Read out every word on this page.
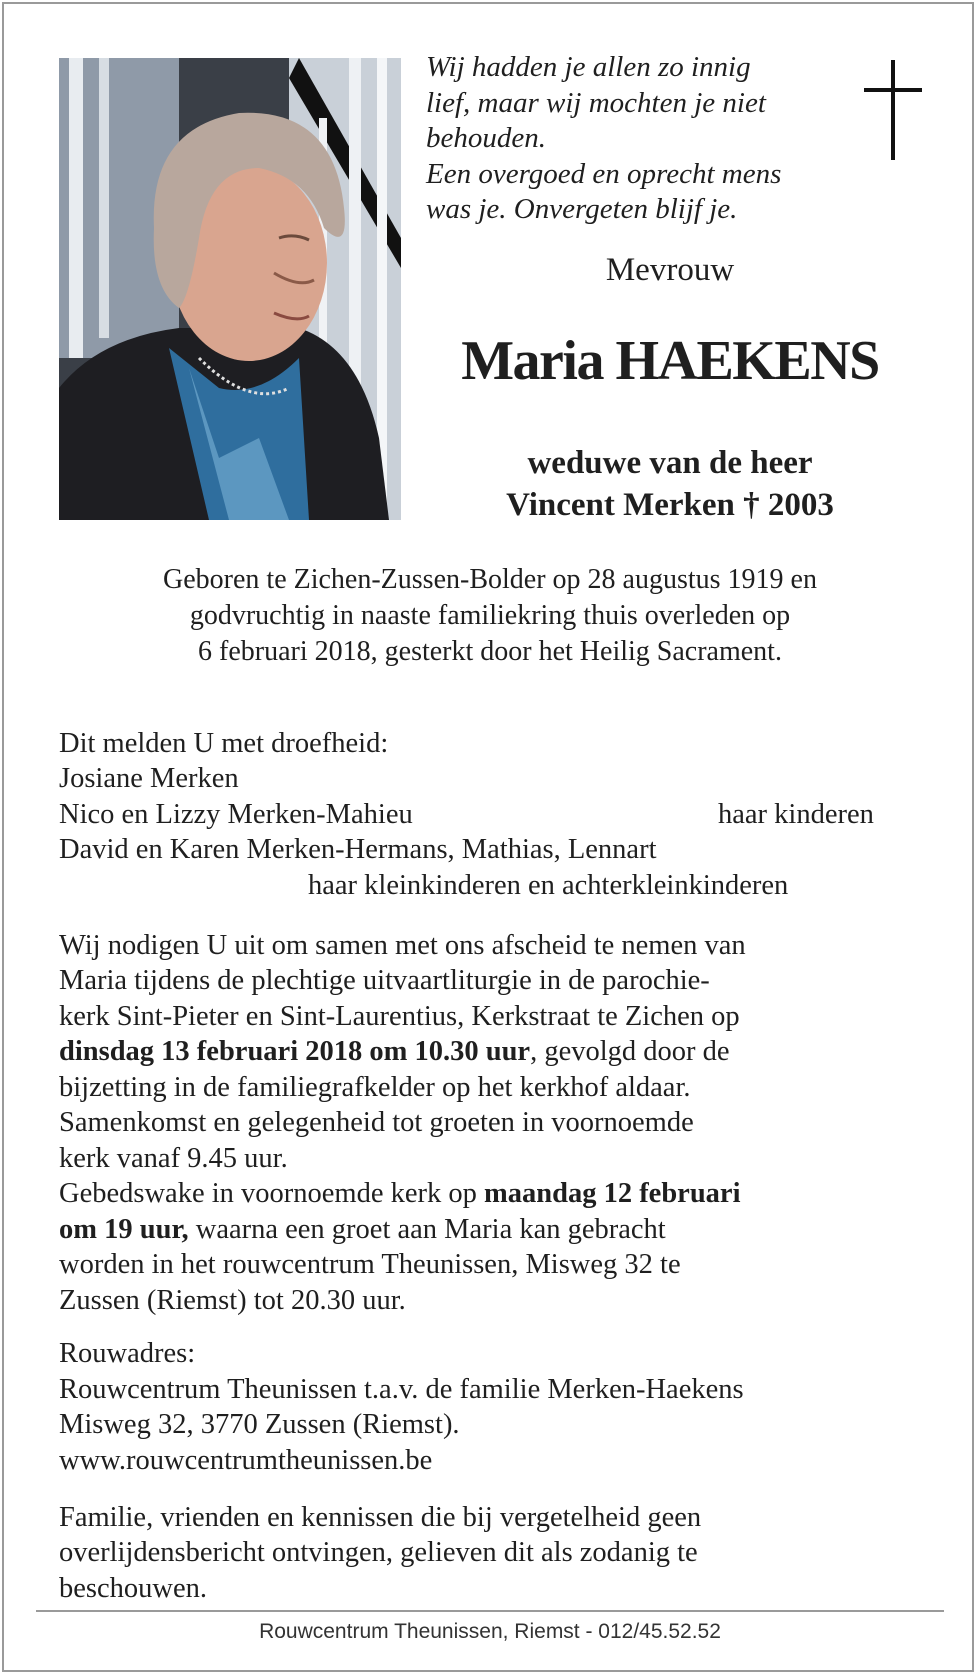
Wij hadden je allen zo innig
lief, maar wij mochten je niet
behouden.
Een overgoed en oprecht mens
was je. Onvergeten blijf je.
Mevrouw
Maria HAEKENS
weduwe van de heer
Vincent Merken † 2003
Geboren te Zichen-Zussen-Bolder op 28 augustus 1919 en
godvruchtig in naaste familiekring thuis overleden op
6 februari 2018, gesterkt door het Heilig Sacrament.
Dit melden U met droefheid:
Josiane Merken
Nico en Lizzy Merken-Mahieu	haar kinderen
David en Karen Merken-Hermans, Mathias, Lennart
haar kleinkinderen en achterkleinkinderen
Wij nodigen U uit om samen met ons afscheid te nemen van
Maria tijdens de plechtige uitvaartliturgie in de parochie-
kerk Sint-Pieter en Sint-Laurentius, Kerkstraat te Zichen op
dinsdag 13 februari 2018 om 10.30 uur, gevolgd door de
bijzetting in de familiegrafkelder op het kerkhof aldaar.
Samenkomst en gelegenheid tot groeten in voornoemde
kerk vanaf 9.45 uur.
Gebedswake in voornoemde kerk op maandag 12 februari
om 19 uur, waarna een groet aan Maria kan gebracht
worden in het rouwcentrum Theunissen, Misweg 32 te
Zussen (Riemst) tot 20.30 uur.
Rouwadres:
Rouwcentrum Theunissen t.a.v. de familie Merken-Haekens
Misweg 32, 3770 Zussen (Riemst).
www.rouwcentrumtheunissen.be
Familie, vrienden en kennissen die bij vergetelheid geen
overlijdensbericht ontvingen, gelieven dit als zodanig te
beschouwen.
Rouwcentrum Theunissen, Riemst - 012/45.52.52
